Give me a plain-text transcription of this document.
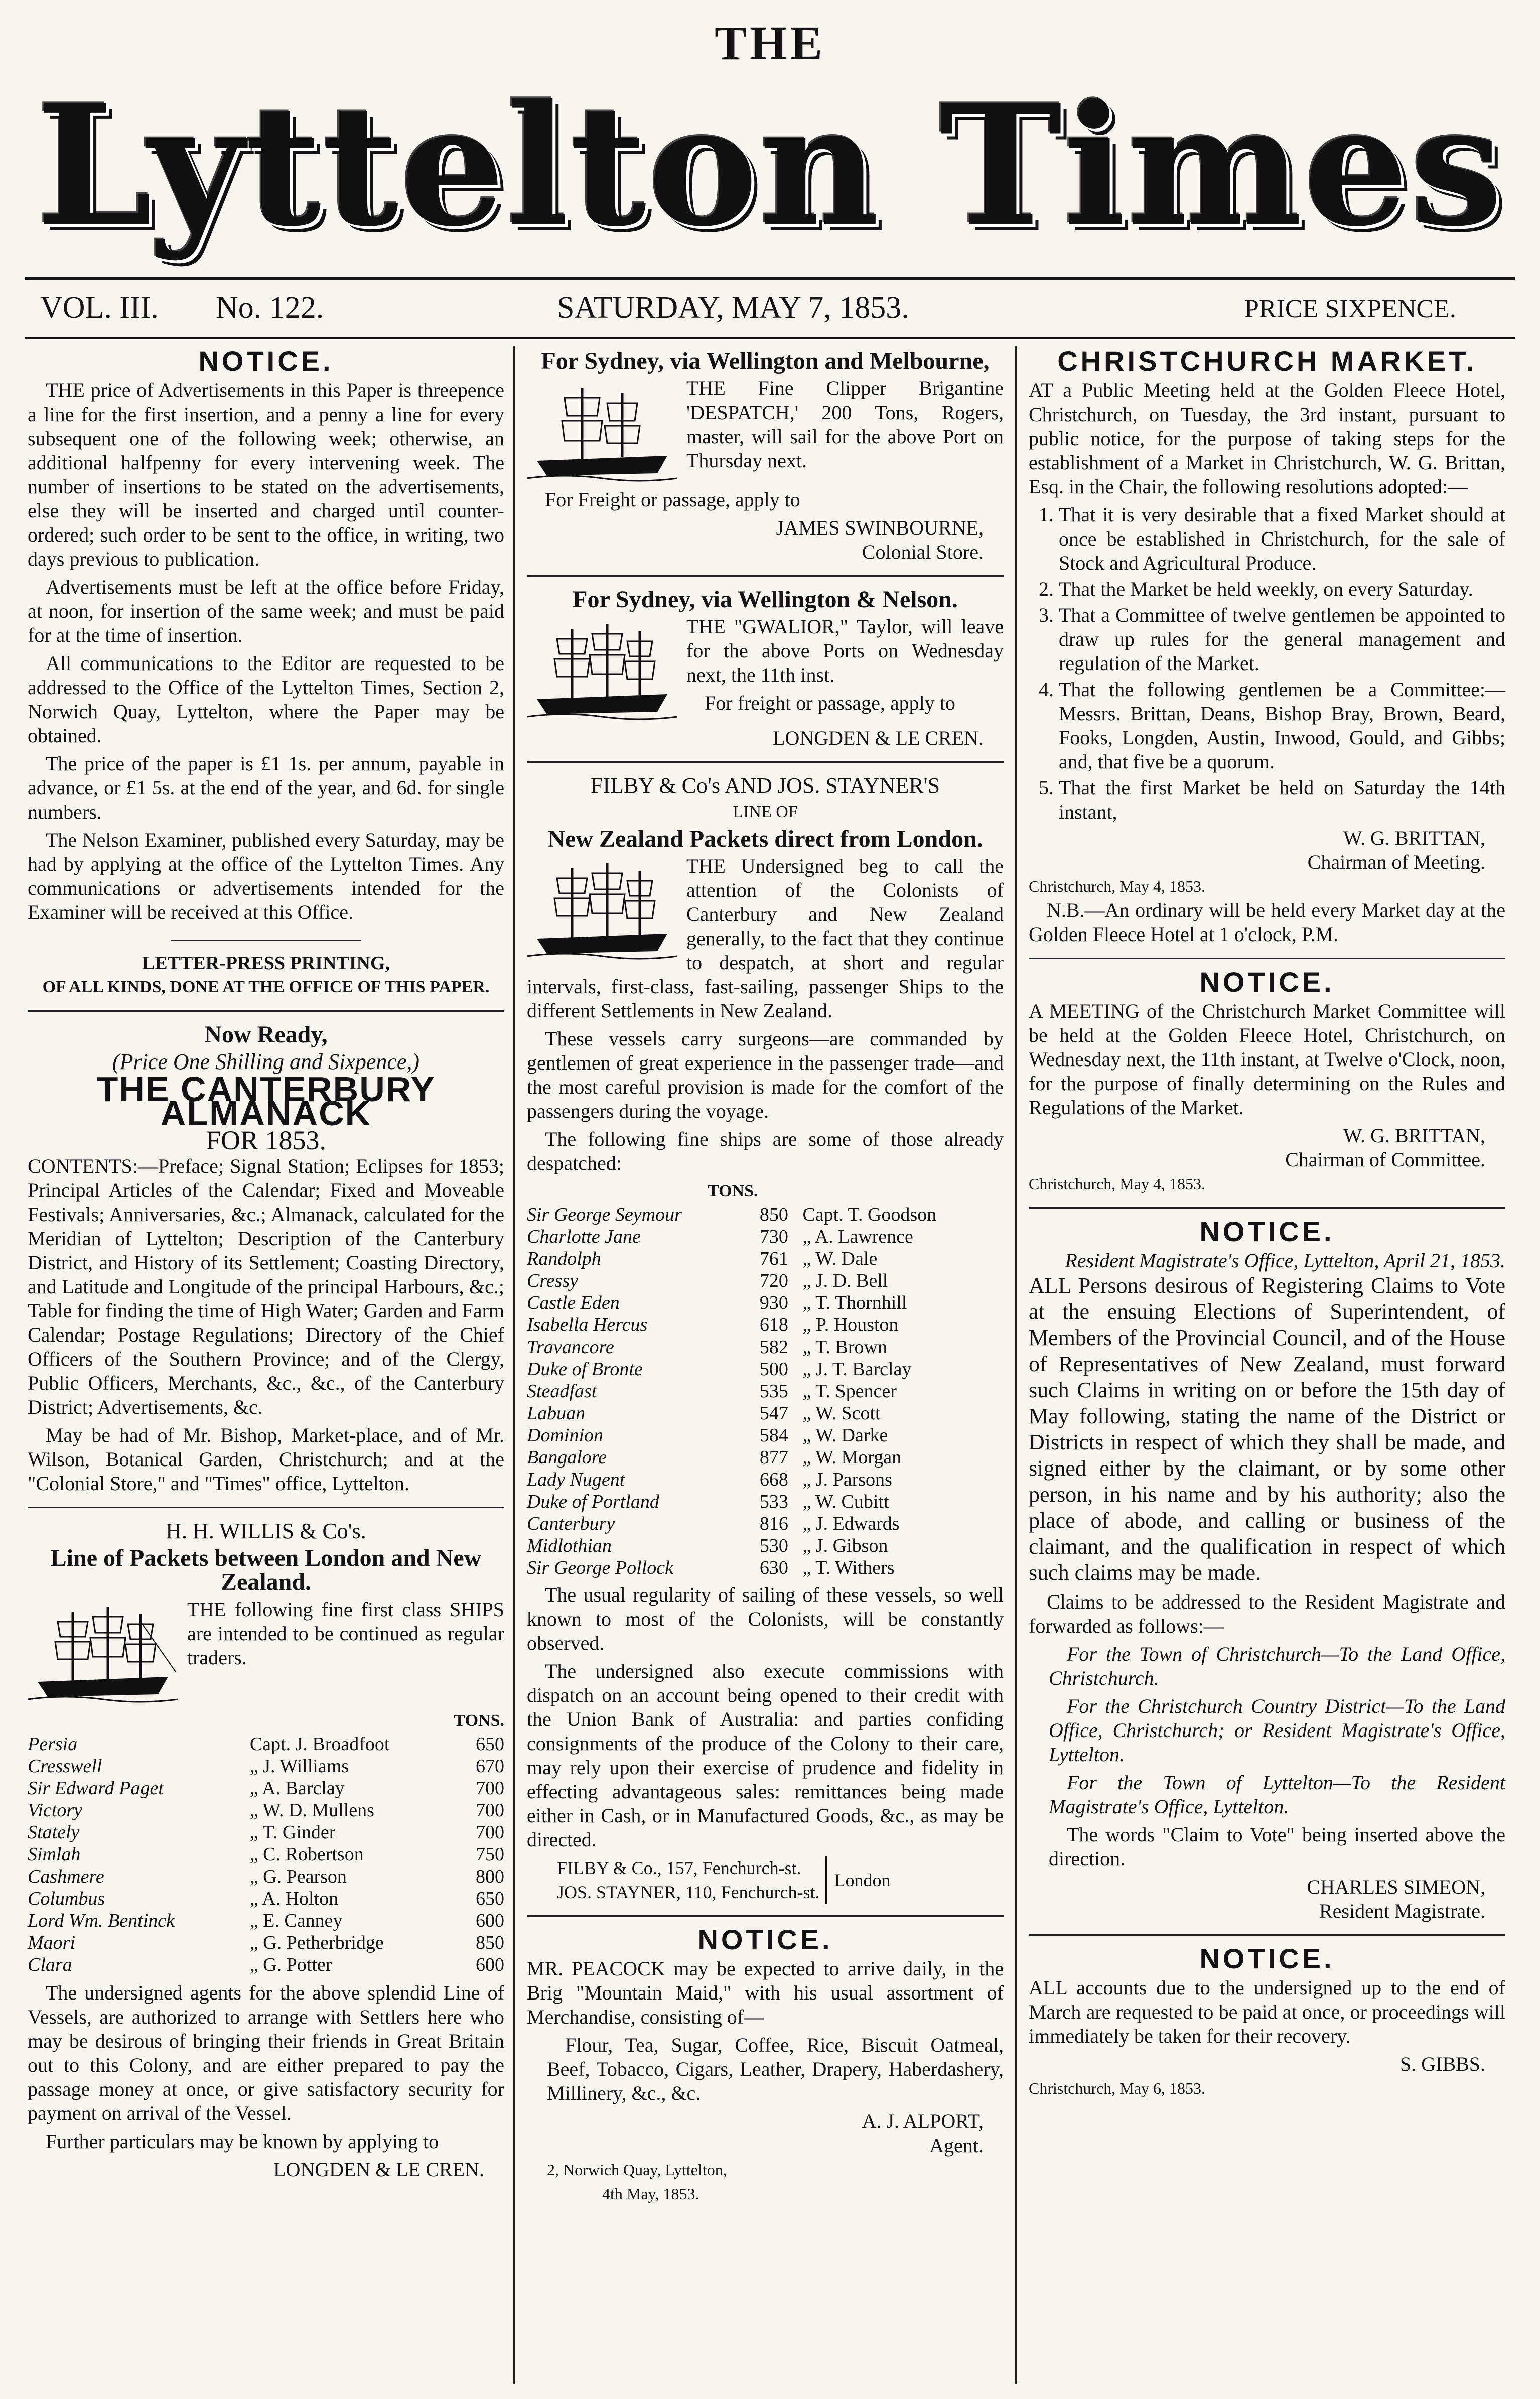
THE
Lyttelton Times
VOL. III. No. 122.	SATURDAY, MAY 7, 1853.	PRICE SIXPENCE.
NOTICE.

THE price of Advertisements in this Paper is threepence a line for the first insertion, and a penny a line for every subsequent one of the following week; otherwise, an additional halfpenny for every intervening week. The number of insertions to be stated on the advertisements, else they will be inserted and charged until counter-ordered; such order to be sent to the office, in writing, two days previous to publication.

Advertisements must be left at the office before Friday, at noon, for insertion of the same week; and must be paid for at the time of insertion.

All communications to the Editor are requested to be addressed to the Office of the Lyttelton Times, Section 2, Norwich Quay, Lyttelton, where the Paper may be obtained.

The price of the paper is £1 1s. per annum, payable in advance, or £1 5s. at the end of the year, and 6d. for single numbers.

The Nelson Examiner, published every Saturday, may be had by applying at the office of the Lyttelton Times. Any communications or advertisements intended for the Examiner will be received at this Office.

LETTER-PRESS PRINTING,
OF ALL KINDS, DONE AT THE OFFICE OF THIS PAPER.
Now Ready,
(Price One Shilling and Sixpence,)
THE CANTERBURY ALMANACK
FOR 1853.

CONTENTS:—Preface; Signal Station; Eclipses for 1853; Principal Articles of the Calendar; Fixed and Moveable Festivals; Anniversaries, &c.; Almanack, calculated for the Meridian of Lyttelton; Description of the Canterbury District, and History of its Settlement; Coasting Directory, and Latitude and Longitude of the principal Harbours, &c.; Table for finding the time of High Water; Garden and Farm Calendar; Postage Regulations; Directory of the Chief Officers of the Southern Province; and of the Clergy, Public Officers, Merchants, &c., &c., of the Canterbury District; Advertisements, &c.

May be had of Mr. Bishop, Market-place, and of Mr. Wilson, Botanical Garden, Christchurch; and at the "Colonial Store," and "Times" office, Lyttelton.

H. H. WILLIS & Co's.
Line of Packets between London and New Zealand.

THE following fine first class SHIPS are intended to be continued as regular traders.

TONS.
Persia	Capt. J. Broadfoot	650
Cresswell	„ J. Williams	670
Sir Edward Paget	„ A. Barclay	700
Victory	„ W. D. Mullens	700
Stately	„ T. Ginder	700
Simlah	„ C. Robertson	750
Cashmere	„ G. Pearson	800
Columbus	„ A. Holton	650
Lord Wm. Bentinck	„ E. Canney	600
Maori	„ G. Petherbridge	850
Clara	„ G. Potter	600

The undersigned agents for the above splendid Line of Vessels, are authorized to arrange with Settlers here who may be desirous of bringing their friends in Great Britain out to this Colony, and are either prepared to pay the passage money at once, or give satisfactory security for payment on arrival of the Vessel.

Further particulars may be known by applying to

LONGDEN & LE CREN.
For Sydney, via Wellington and Melbourne,

THE Fine Clipper Brigantine 'DESPATCH,' 200 Tons, Rogers, master, will sail for the above Port on Thursday next.

For Freight or passage, apply to

JAMES SWINBOURNE,
Colonial Store.
For Sydney, via Wellington & Nelson.

THE "GWALIOR," Taylor, will leave for the above Ports on Wednesday next, the 11th inst.

For freight or passage, apply to

LONGDEN & LE CREN.
FILBY & Co's AND JOS. STAYNER'S
LINE OF
New Zealand Packets direct from London.

THE Undersigned beg to call the attention of the Colonists of Canterbury and New Zealand generally, to the fact that they continue to despatch, at short and regular intervals, first-class, fast-sailing, passenger Ships to the different Settlements in New Zealand.

These vessels carry surgeons—are commanded by gentlemen of great experience in the passenger trade—and the most careful provision is made for the comfort of the passengers during the voyage.

The following fine ships are some of those already despatched:

TONS.
Sir George Seymour	850	Capt. T. Goodson
Charlotte Jane	730	„ A. Lawrence
Randolph	761	„ W. Dale
Cressy	720	„ J. D. Bell
Castle Eden	930	„ T. Thornhill
Isabella Hercus	618	„ P. Houston
Travancore	582	„ T. Brown
Duke of Bronte	500	„ J. T. Barclay
Steadfast	535	„ T. Spencer
Labuan	547	„ W. Scott
Dominion	584	„ W. Darke
Bangalore	877	„ W. Morgan
Lady Nugent	668	„ J. Parsons
Duke of Portland	533	„ W. Cubitt
Canterbury	816	„ J. Edwards
Midlothian	530	„ J. Gibson
Sir George Pollock	630	„ T. Withers

The usual regularity of sailing of these vessels, so well known to most of the Colonists, will be constantly observed.

The undersigned also execute commissions with dispatch on an account being opened to their credit with the Union Bank of Australia: and parties confiding consignments of the produce of the Colony to their care, may rely upon their exercise of prudence and fidelity in effecting advantageous sales: remittances being made either in Cash, or in Manufactured Goods, &c., as may be directed.

FILBY & Co., 157, Fenchurch-st.
JOS. STAYNER, 110, Fenchurch-st.
London
NOTICE.

MR. PEACOCK may be expected to arrive daily, in the Brig "Mountain Maid," with his usual assortment of Merchandise, consisting of—

Flour, Tea, Sugar, Coffee, Rice, Biscuit Oatmeal, Beef, Tobacco, Cigars, Leather, Drapery, Haberdashery, Millinery, &c., &c.

A. J. ALPORT,
Agent.
2, Norwich Quay, Lyttelton,
4th May, 1853.
CHRISTCHURCH MARKET.

AT a Public Meeting held at the Golden Fleece Hotel, Christchurch, on Tuesday, the 3rd instant, pursuant to public notice, for the purpose of taking steps for the establishment of a Market in Christchurch, W. G. Brittan, Esq. in the Chair, the following resolutions adopted:—

1. That it is very desirable that a fixed Market should at once be established in Christchurch, for the sale of Stock and Agricultural Produce.
2. That the Market be held weekly, on every Saturday.
3. That a Committee of twelve gentlemen be appointed to draw up rules for the general management and regulation of the Market.
4. That the following gentlemen be a Committee:—Messrs. Brittan, Deans, Bishop Bray, Brown, Beard, Fooks, Longden, Austin, Inwood, Gould, and Gibbs; and, that five be a quorum.
5. That the first Market be held on Saturday the 14th instant,
W. G. BRITTAN,
Chairman of Meeting.
Christchurch, May 4, 1853.

N.B.—An ordinary will be held every Market day at the Golden Fleece Hotel at 1 o'clock, P.M.

NOTICE.

A MEETING of the Christchurch Market Committee will be held at the Golden Fleece Hotel, Christchurch, on Wednesday next, the 11th instant, at Twelve o'Clock, noon, for the purpose of finally determining on the Rules and Regulations of the Market.

W. G. BRITTAN,
Chairman of Committee.
Christchurch, May 4, 1853.
NOTICE.
Resident Magistrate's Office, Lyttelton, April 21, 1853.

ALL Persons desirous of Registering Claims to Vote at the ensuing Elections of Superintendent, of Members of the Provincial Council, and of the House of Representatives of New Zealand, must forward such Claims in writing on or before the 15th day of May following, stating the name of the District or Districts in respect of which they shall be made, and signed either by the claimant, or by some other person, in his name and by his authority; also the place of abode, and calling or business of the claimant, and the qualification in respect of which such claims may be made.

Claims to be addressed to the Resident Magistrate and forwarded as follows:—

For the Town of Christchurch—To the Land Office, Christchurch.

For the Christchurch Country District—To the Land Office, Christchurch; or Resident Magistrate's Office, Lyttelton.

For the Town of Lyttelton—To the Resident Magistrate's Office, Lyttelton.

The words "Claim to Vote" being inserted above the direction.

CHARLES SIMEON,
Resident Magistrate.
NOTICE.

ALL accounts due to the undersigned up to the end of March are requested to be paid at once, or proceedings will immediately be taken for their recovery.

S. GIBBS.
Christchurch, May 6, 1853.
